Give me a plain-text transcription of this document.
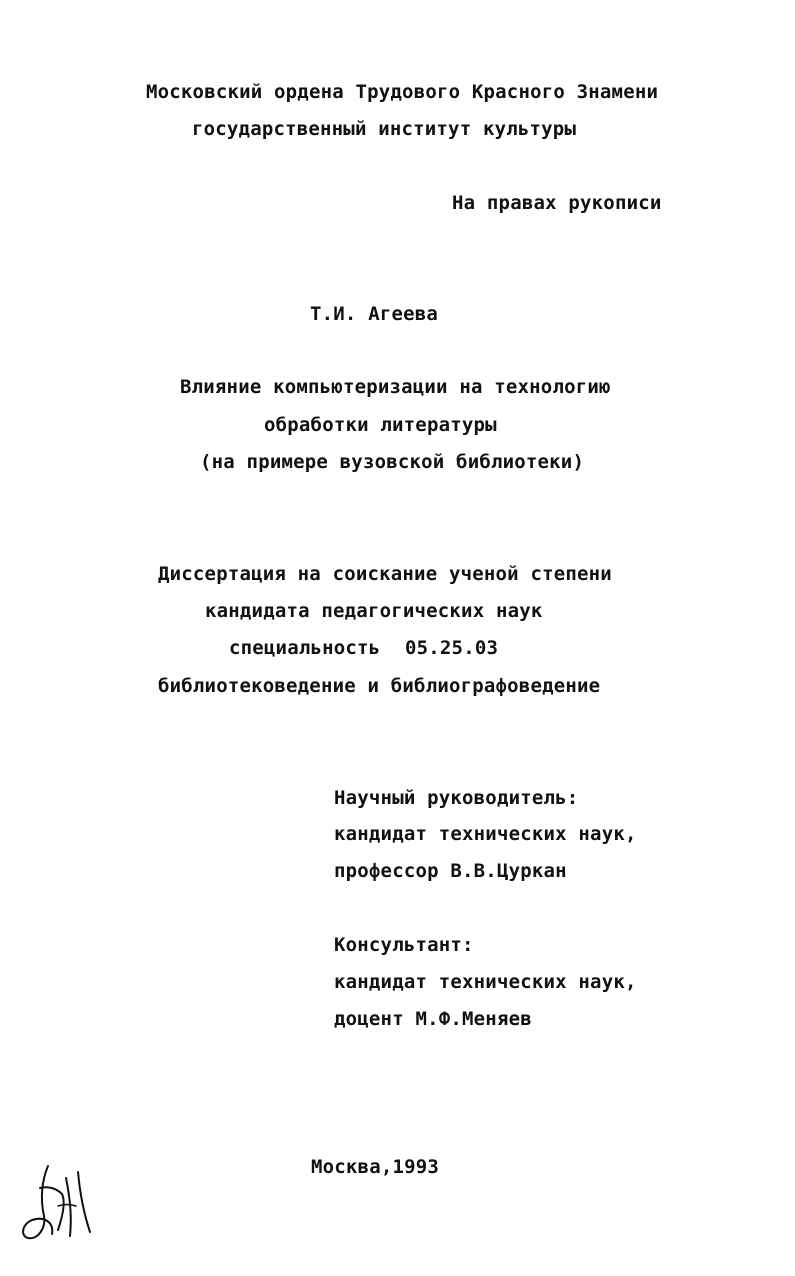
Московский ордена Трудового Красного Знамени
государственный институт культуры
На правах рукописи
Т.И. Агеева
Влияние компьютеризации на технологию
обработки литературы
(на примере вузовской библиотеки)
Диссертация на соискание ученой степени
кандидата педагогических наук
специальность 05.25.03
библиотековедение и библиографоведение
Научный руководитель:
кандидат технических наук,
профессор В.В.Цуркан
Консультант:
кандидат технических наук,
доцент М.Ф.Меняев
Москва,1993
